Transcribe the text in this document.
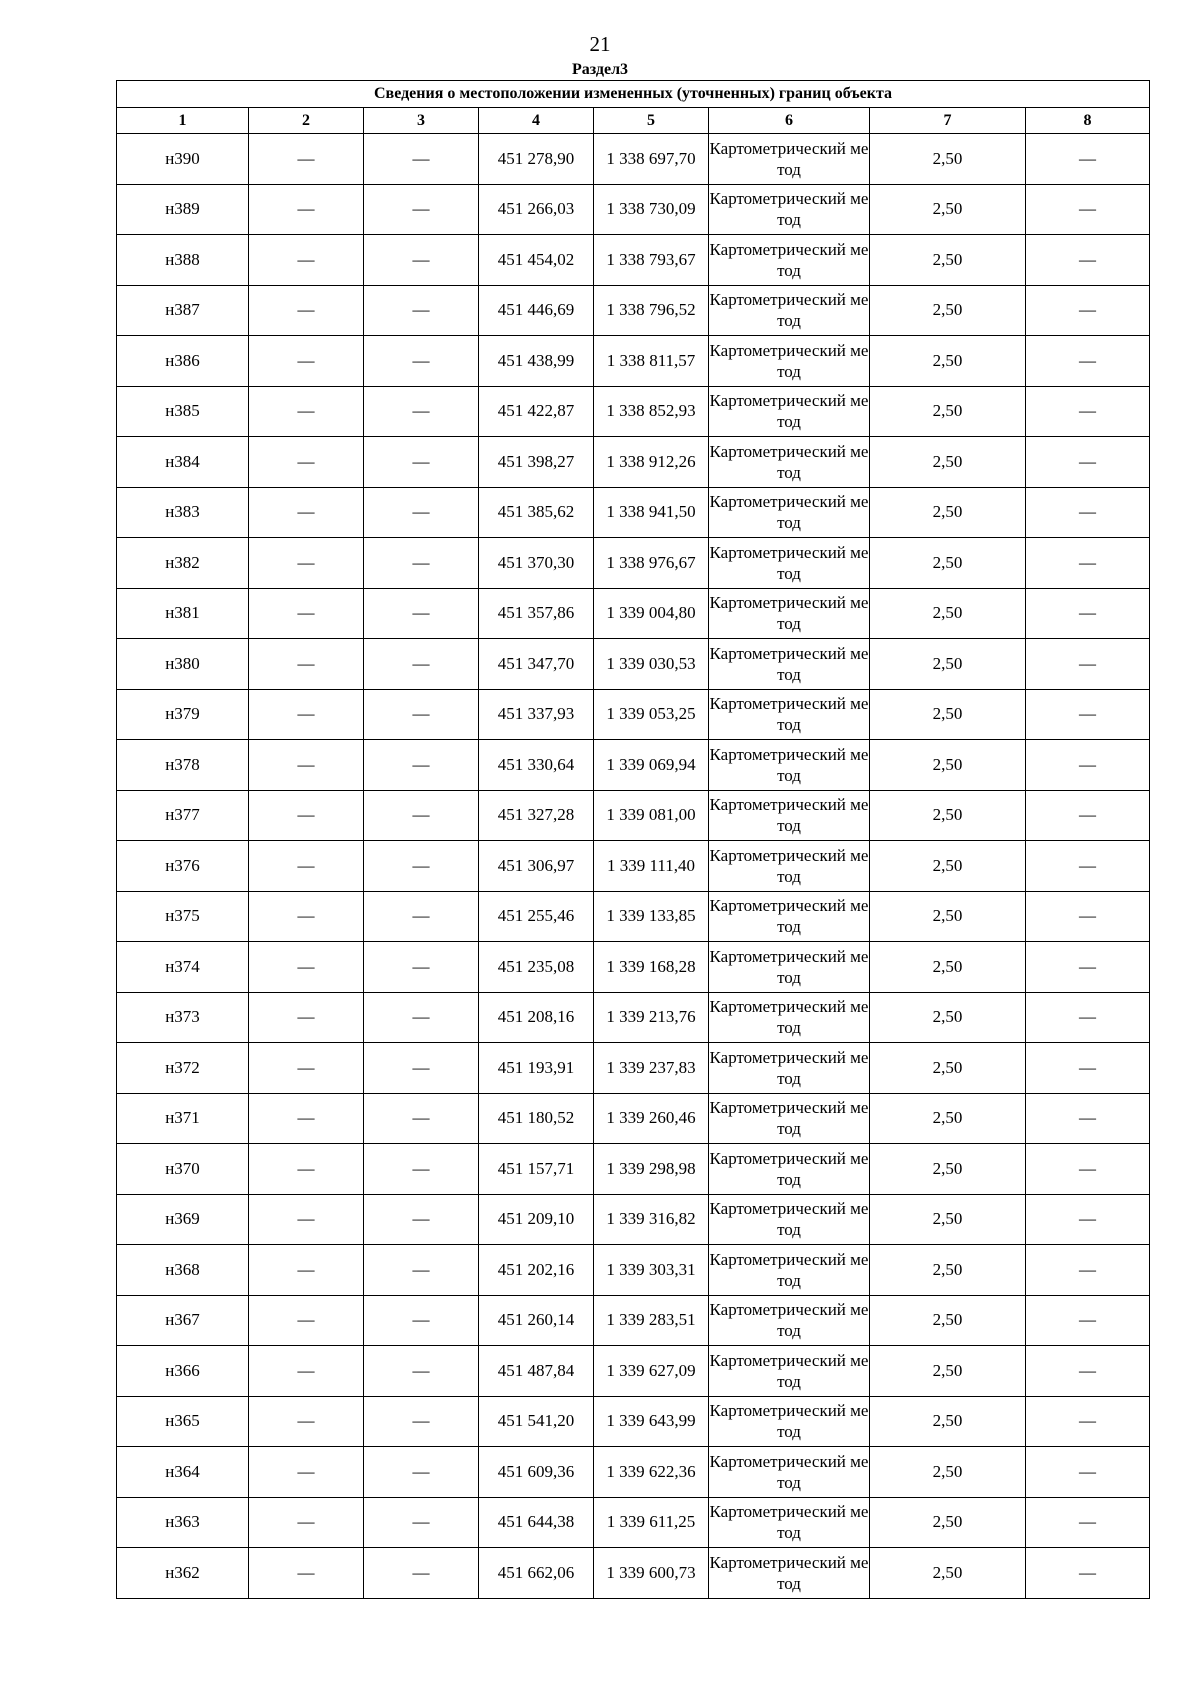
21
Раздел3
Сведения о местоположении измененных (уточненных) границ объекта							
1	2	3	4	5	6	7	8
н390	—	—	451 278,90	1 338 697,70	Картометрический метод	2,50	—
н389	—	—	451 266,03	1 338 730,09	Картометрический метод	2,50	—
н388	—	—	451 454,02	1 338 793,67	Картометрический метод	2,50	—
н387	—	—	451 446,69	1 338 796,52	Картометрический метод	2,50	—
н386	—	—	451 438,99	1 338 811,57	Картометрический метод	2,50	—
н385	—	—	451 422,87	1 338 852,93	Картометрический метод	2,50	—
н384	—	—	451 398,27	1 338 912,26	Картометрический метод	2,50	—
н383	—	—	451 385,62	1 338 941,50	Картометрический метод	2,50	—
н382	—	—	451 370,30	1 338 976,67	Картометрический метод	2,50	—
н381	—	—	451 357,86	1 339 004,80	Картометрический метод	2,50	—
н380	—	—	451 347,70	1 339 030,53	Картометрический метод	2,50	—
н379	—	—	451 337,93	1 339 053,25	Картометрический метод	2,50	—
н378	—	—	451 330,64	1 339 069,94	Картометрический метод	2,50	—
н377	—	—	451 327,28	1 339 081,00	Картометрический метод	2,50	—
н376	—	—	451 306,97	1 339 111,40	Картометрический метод	2,50	—
н375	—	—	451 255,46	1 339 133,85	Картометрический метод	2,50	—
н374	—	—	451 235,08	1 339 168,28	Картометрический метод	2,50	—
н373	—	—	451 208,16	1 339 213,76	Картометрический метод	2,50	—
н372	—	—	451 193,91	1 339 237,83	Картометрический метод	2,50	—
н371	—	—	451 180,52	1 339 260,46	Картометрический метод	2,50	—
н370	—	—	451 157,71	1 339 298,98	Картометрический метод	2,50	—
н369	—	—	451 209,10	1 339 316,82	Картометрический метод	2,50	—
н368	—	—	451 202,16	1 339 303,31	Картометрический метод	2,50	—
н367	—	—	451 260,14	1 339 283,51	Картометрический метод	2,50	—
н366	—	—	451 487,84	1 339 627,09	Картометрический метод	2,50	—
н365	—	—	451 541,20	1 339 643,99	Картометрический метод	2,50	—
н364	—	—	451 609,36	1 339 622,36	Картометрический метод	2,50	—
н363	—	—	451 644,38	1 339 611,25	Картометрический метод	2,50	—
н362	—	—	451 662,06	1 339 600,73	Картометрический метод	2,50	—
